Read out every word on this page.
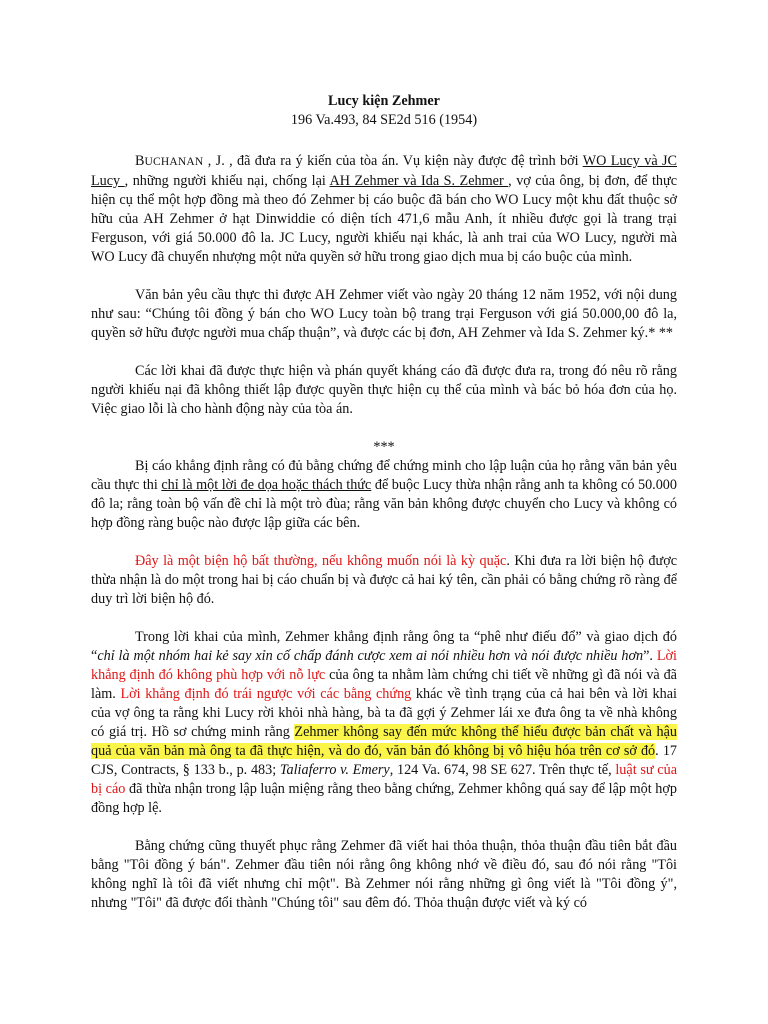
Lucy kiện Zehmer

196 Va.493, 84 SE2d 516 (1954)

BUCHANAN , J. , đã đưa ra ý kiến của tòa án. Vụ kiện này được đệ trình bởi WO Lucy và JC Lucy , những người khiếu nại, chống lại AH Zehmer và Ida S. Zehmer , vợ của ông, bị đơn, để thực hiện cụ thể một hợp đồng mà theo đó Zehmer bị cáo buộc đã bán cho WO Lucy một khu đất thuộc sở hữu của AH Zehmer ở hạt Dinwiddie có diện tích 471,6 mẫu Anh, ít nhiều được gọi là trang trại Ferguson, với giá 50.000 đô la. JC Lucy, người khiếu nại khác, là anh trai của WO Lucy, người mà WO Lucy đã chuyển nhượng một nửa quyền sở hữu trong giao dịch mua bị cáo buộc của mình.

Văn bản yêu cầu thực thi được AH Zehmer viết vào ngày 20 tháng 12 năm 1952, với nội dung như sau: “Chúng tôi đồng ý bán cho WO Lucy toàn bộ trang trại Ferguson với giá 50.000,00 đô la, quyền sở hữu được người mua chấp thuận”, và được các bị đơn, AH Zehmer và Ida S. Zehmer ký.* **

Các lời khai đã được thực hiện và phán quyết kháng cáo đã được đưa ra, trong đó nêu rõ rằng người khiếu nại đã không thiết lập được quyền thực hiện cụ thể của mình và bác bỏ hóa đơn của họ. Việc giao lỗi là cho hành động này của tòa án.

***

Bị cáo khẳng định rằng có đủ bằng chứng để chứng minh cho lập luận của họ rằng văn bản yêu cầu thực thi chỉ là một lời đe dọa hoặc thách thức để buộc Lucy thừa nhận rằng anh ta không có 50.000 đô la; rằng toàn bộ vấn đề chỉ là một trò đùa; rằng văn bản không được chuyển cho Lucy và không có hợp đồng ràng buộc nào được lập giữa các bên.

Đây là một biện hộ bất thường, nếu không muốn nói là kỳ quặc. Khi đưa ra lời biện hộ được thừa nhận là do một trong hai bị cáo chuẩn bị và được cả hai ký tên, cần phải có bằng chứng rõ ràng để duy trì lời biện hộ đó.

Trong lời khai của mình, Zehmer khẳng định rằng ông ta “phê như điếu đổ” và giao dịch đó “chỉ là một nhóm hai kẻ say xỉn cố chấp đánh cược xem ai nói nhiều hơn và nói được nhiều hơn”. Lời khẳng định đó không phù hợp với nỗ lực của ông ta nhằm làm chứng chi tiết về những gì đã nói và đã làm. Lời khẳng định đó trái ngược với các bằng chứng khác về tình trạng của cả hai bên và lời khai của vợ ông ta rằng khi Lucy rời khỏi nhà hàng, bà ta đã gợi ý Zehmer lái xe đưa ông ta về nhà không có giá trị. Hồ sơ chứng minh rằng Zehmer không say đến mức không thể hiểu được bản chất và hậu quả của văn bản mà ông ta đã thực hiện, và do đó, văn bản đó không bị vô hiệu hóa trên cơ sở đó. 17 CJS, Contracts, § 133 b., p. 483; Taliaferro v. Emery, 124 Va. 674, 98 SE 627. Trên thực tế, luật sư của bị cáo đã thừa nhận trong lập luận miệng rằng theo bằng chứng, Zehmer không quá say để lập một hợp đồng hợp lệ.

Bằng chứng cũng thuyết phục rằng Zehmer đã viết hai thỏa thuận, thỏa thuận đầu tiên bắt đầu bằng "Tôi đồng ý bán". Zehmer đầu tiên nói rằng ông không nhớ về điều đó, sau đó nói rằng "Tôi không nghĩ là tôi đã viết nhưng chỉ một". Bà Zehmer nói rằng những gì ông viết là "Tôi đồng ý", nhưng "Tôi" đã được đổi thành "Chúng tôi" sau đêm đó. Thỏa thuận được viết và ký có
